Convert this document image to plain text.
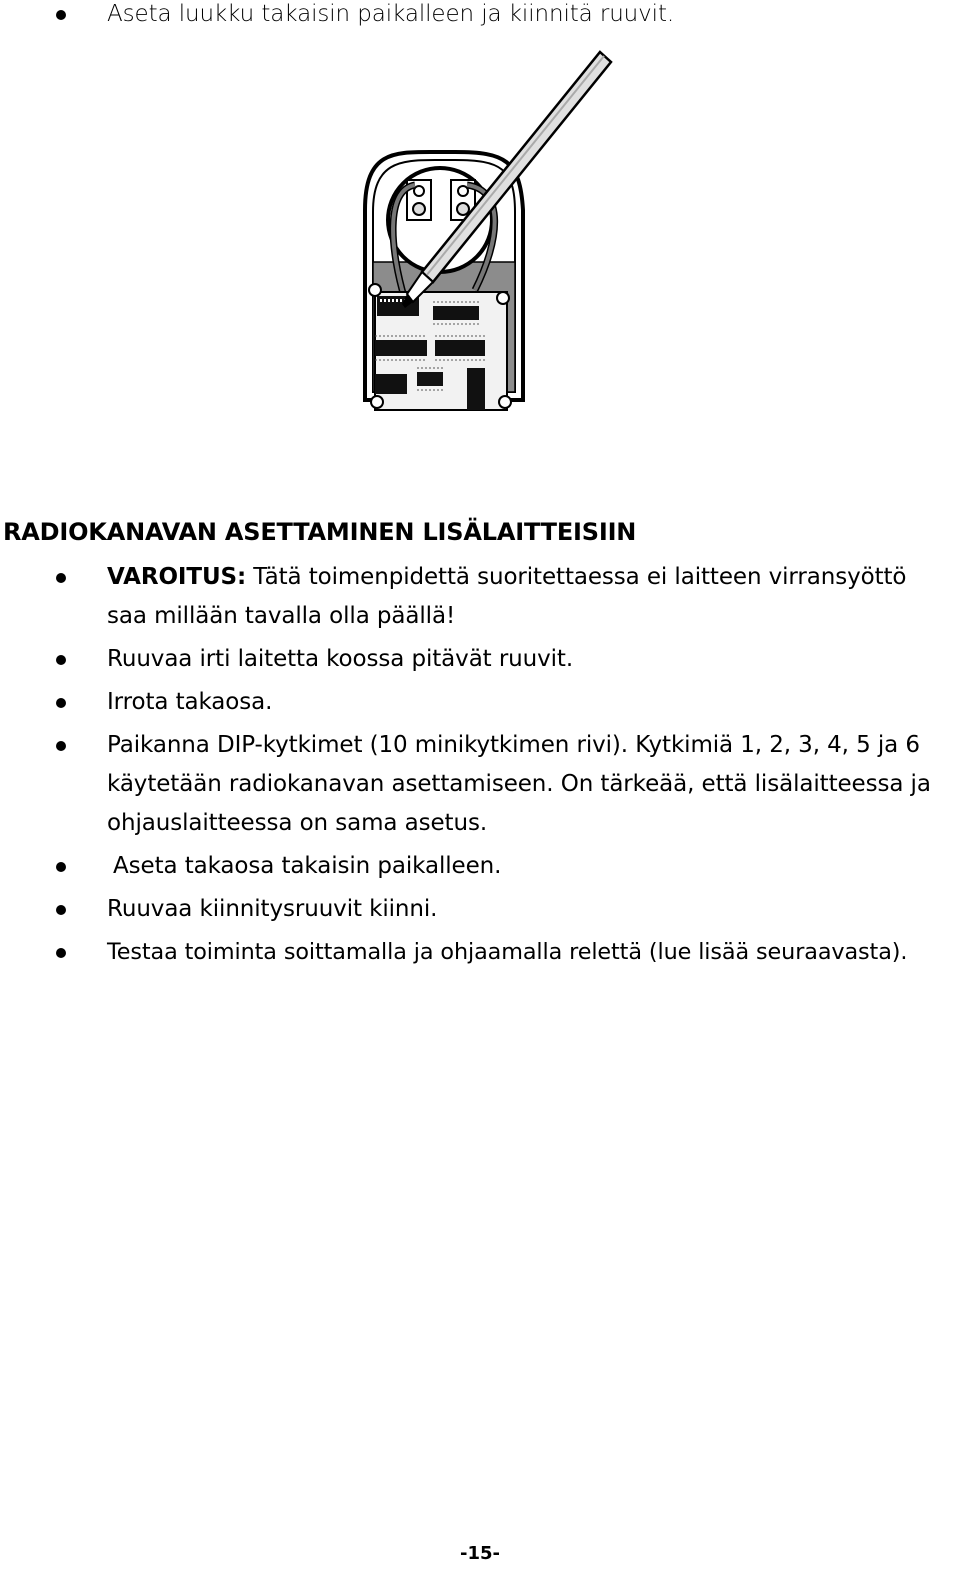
Aseta luukku takaisin paikalleen ja kiinnitä ruuvit.
RADIOKANAVAN ASETTAMINEN LISÄLAITTEISIIN
VAROITUS: Tätä toimenpidettä suoritettaessa ei laitteen virransyöttö saa millään tavalla olla päällä!
Ruuvaa irti laitetta koossa pitävät ruuvit.
Irrota takaosa.
Paikanna DIP-kytkimet (10 minikytkimen rivi). Kytkimiä 1, 2, 3, 4, 5 ja 6 käytetään radiokanavan asettamiseen. On tärkeää, että lisälaitteessa ja ohjauslaitteessa on sama asetus.
Aseta takaosa takaisin paikalleen.
Ruuvaa kiinnitysruuvit kiinni.
Testaa toiminta soittamalla ja ohjaamalla relettä (lue lisää seuraavasta).
-15-
